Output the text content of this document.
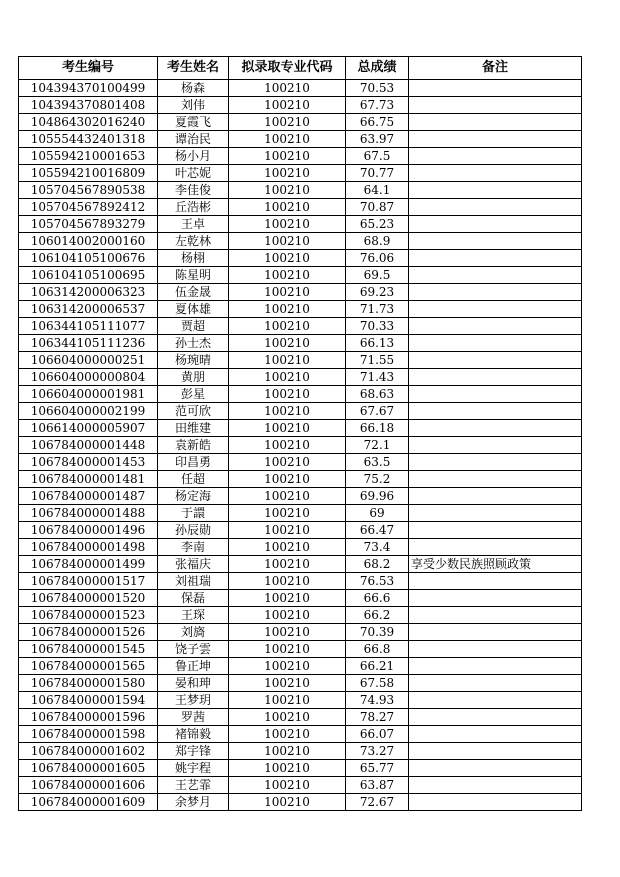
考生编号	考生姓名	拟录取专业代码	总成绩	备注
104394370100499	杨森	100210	70.53	
104394370801408	刘伟	100210	67.73	
104864302016240	夏霞飞	100210	66.75	
105554432401318	谭治民	100210	63.97	
105594210001653	杨小月	100210	67.5	
105594210016809	叶芯妮	100210	70.77	
105704567890538	李佳俊	100210	64.1	
105704567892412	丘浩彬	100210	70.87	
105704567893279	王卓	100210	65.23	
106014002000160	左乾林	100210	68.9	
106104105100676	杨栩	100210	76.06	
106104105100695	陈星明	100210	69.5	
106314200006323	伍金晟	100210	69.23	
106314200006537	夏体雄	100210	71.73	
106344105111077	贾超	100210	70.33	
106344105111236	孙士杰	100210	66.13	
106604000000251	杨琬晴	100210	71.55	
106604000000804	黄朋	100210	71.43	
106604000001981	彭星	100210	68.63	
106604000002199	范可欣	100210	67.67	
106614000005907	田维建	100210	66.18	
106784000001448	袁新皓	100210	72.1	
106784000001453	印昌勇	100210	63.5	
106784000001481	任超	100210	75.2	
106784000001487	杨定海	100210	69.96	
106784000001488	于譞	100210	69	
106784000001496	孙辰勋	100210	66.47	
106784000001498	李南	100210	73.4	
106784000001499	张福庆	100210	68.2	享受少数民族照顾政策
106784000001517	刘祖瑞	100210	76.53	
106784000001520	保磊	100210	66.6	
106784000001523	王琛	100210	66.2	
106784000001526	刘旖	100210	70.39	
106784000001545	饶子雲	100210	66.8	
106784000001565	鲁正坤	100210	66.21	
106784000001580	晏和珅	100210	67.58	
106784000001594	王梦玥	100210	74.93	
106784000001596	罗茜	100210	78.27	
106784000001598	褚锦毅	100210	66.07	
106784000001602	郑宇锋	100210	73.27	
106784000001605	姚宇程	100210	65.77	
106784000001606	王艺霏	100210	63.87	
106784000001609	余梦月	100210	72.67	
